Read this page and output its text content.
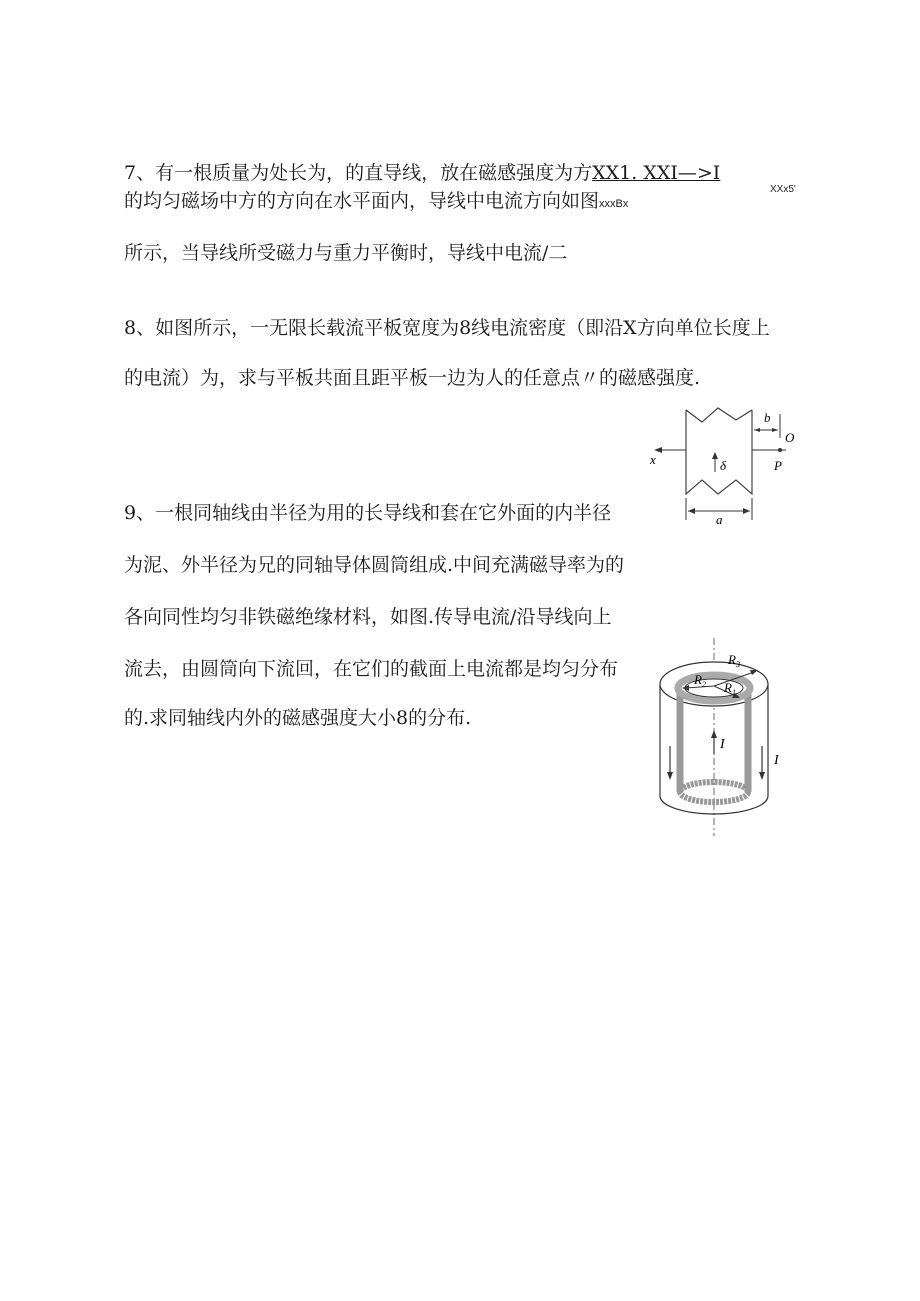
7、有一根质量为处长为，的直导线，放在磁感强度为方XX1. XXI—>I
XXx5'
的均匀磁场中方的方向在水平面内，导线中电流方向如图xxxBx
所示，当导线所受磁力与重力平衡时，导线中电流/二
8、如图所示，一无限长载流平板宽度为8线电流密度（即沿X方向单位长度上
的电流）为，求与平板共面且距平板一边为人的任意点〃的磁感强度.
x	δ
b
O
P
a
9、一根同轴线由半径为用的长导线和套在它外面的内半径
为泥、外半径为兄的同轴导体圆筒组成.中间充满磁导率为的
各向同性均匀非铁磁绝缘材料，如图.传导电流/沿导线向上
流去，由圆筒向下流回，在它们的截面上电流都是均匀分布
的.求同轴线内外的磁感强度大小8的分布.
$R_3$
$R_2$ $R_1$
I
I
